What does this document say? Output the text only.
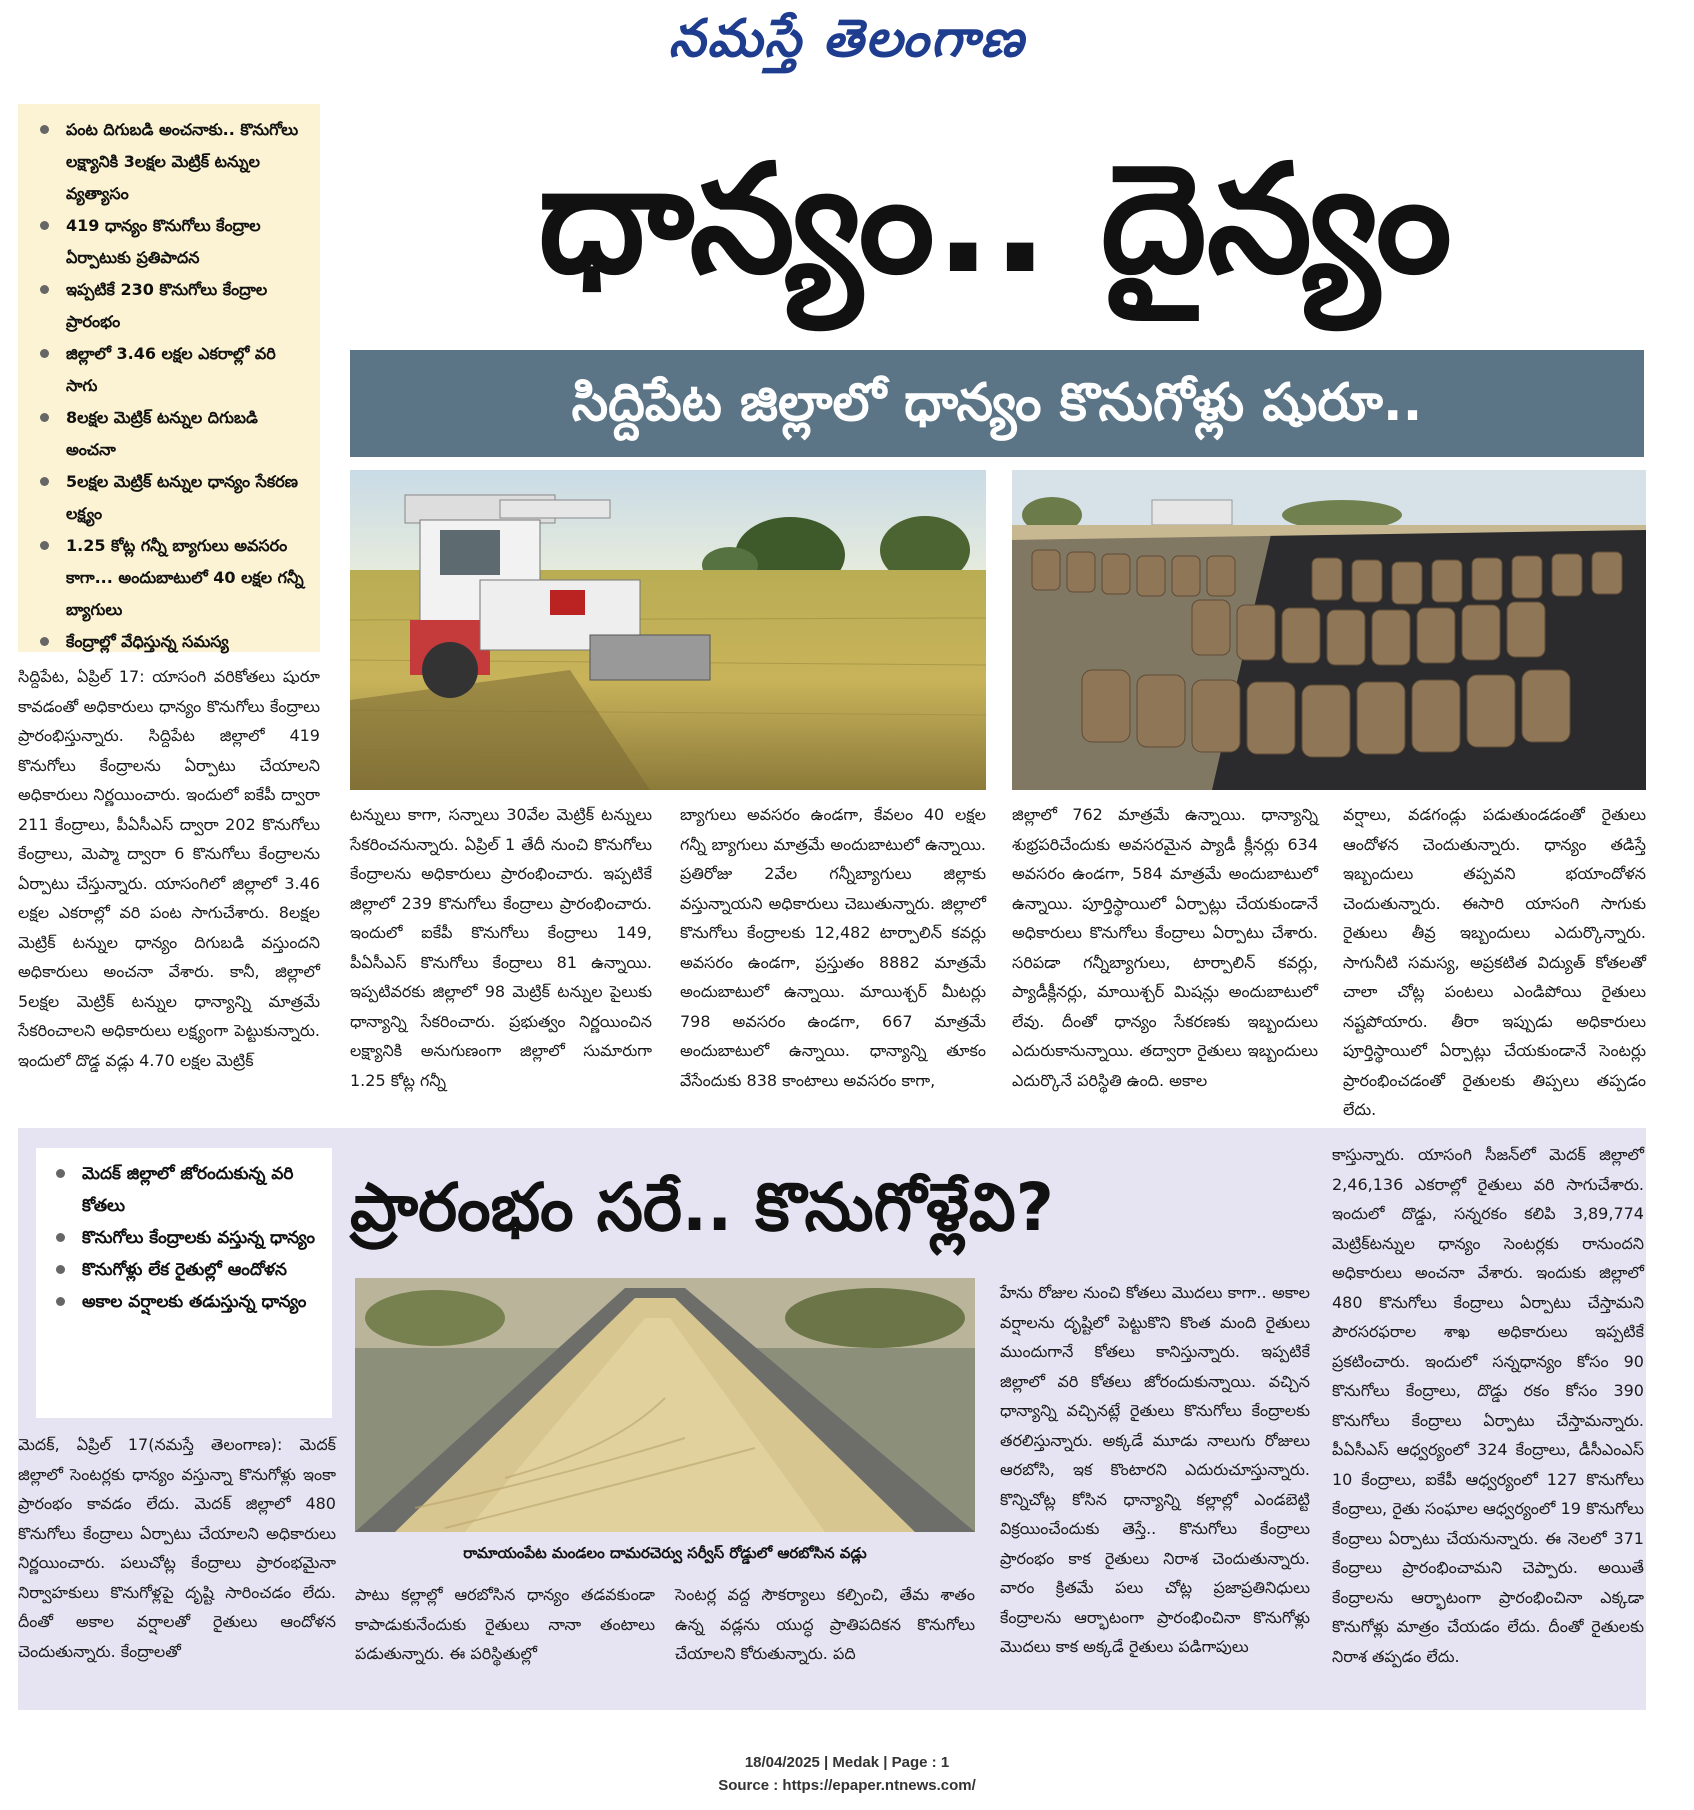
నమస్తే తెలంగాణ
పంట దిగుబడి అంచనాకు.. కొనుగోలు లక్ష్యానికి 3లక్షల మెట్రిక్ టన్నుల వ్యత్యాసం
419 ధాన్యం కొనుగోలు కేంద్రాల ఏర్పాటుకు ప్రతిపాదన
ఇప్పటికే 230 కొనుగోలు కేంద్రాల ప్రారంభం
జిల్లాలో 3.46 లక్షల ఎకరాల్లో వరి సాగు
8లక్షల మెట్రిక్ టన్నుల దిగుబడి అంచనా
5లక్షల మెట్రిక్ టన్నుల ధాన్యం సేకరణ లక్ష్యం
1.25 కోట్ల గన్నీ బ్యాగులు అవసరం కాగా... అందుబాటులో 40 లక్షల గన్నీ బ్యాగులు
కేంద్రాల్లో వేధిస్తున్న సమస్య
ధాన్యం.. దైన్యం
సిద్దిపేట జిల్లాలో ధాన్యం కొనుగోళ్లు షురూ..
సిద్దిపేట, ఏప్రిల్ 17: యాసంగి వరికోతలు షురూ కావడంతో అధికారులు ధాన్యం కొనుగోలు కేంద్రాలు ప్రారంభిస్తున్నారు. సిద్దిపేట జిల్లాలో 419 కొనుగోలు కేంద్రాలను ఏర్పాటు చేయాలని అధికారులు నిర్ణయించారు. ఇందులో ఐకేపీ ద్వారా 211 కేంద్రాలు, పీఏసీఎస్ ద్వారా 202 కొనుగోలు కేంద్రాలు, మెప్మా ద్వారా 6 కొనుగోలు కేంద్రాలను ఏర్పాటు చేస్తున్నారు. యాసంగిలో జిల్లాలో 3.46 లక్షల ఎకరాల్లో వరి పంట సాగుచేశారు. 8లక్షల మెట్రిక్ టన్నుల ధాన్యం దిగుబడి వస్తుందని అధికారులు అంచనా వేశారు. కానీ, జిల్లాలో 5లక్షల మెట్రిక్ టన్నుల ధాన్యాన్ని మాత్రమే సేకరించాలని అధికారులు లక్ష్యంగా పెట్టుకున్నారు. ఇందులో దొడ్డ వడ్లు 4.70 లక్షల మెట్రిక్
టన్నులు కాగా, సన్నాలు 30వేల మెట్రిక్ టన్నులు సేకరించనున్నారు. ఏప్రిల్ 1 తేదీ నుంచి కొనుగోలు కేంద్రాలను అధికారులు ప్రారంభించారు. ఇప్పటికే జిల్లాలో 239 కొనుగోలు కేంద్రాలు ప్రారంభించారు. ఇందులో ఐకేపీ కొనుగోలు కేంద్రాలు 149, పీఏసీఎస్ కొనుగోలు కేంద్రాలు 81 ఉన్నాయి. ఇప్పటివరకు జిల్లాలో 98 మెట్రిక్ టన్నుల పైలుకు ధాన్యాన్ని సేకరించారు. ప్రభుత్వం నిర్ణయించిన లక్ష్యానికి అనుగుణంగా జిల్లాలో సుమారుగా 1.25 కోట్ల గన్నీ
బ్యాగులు అవసరం ఉండగా, కేవలం 40 లక్షల గన్నీ బ్యాగులు మాత్రమే అందుబాటులో ఉన్నాయి. ప్రతిరోజు 2వేల గన్నీబ్యాగులు జిల్లాకు వస్తున్నాయని అధికారులు చెబుతున్నారు. జిల్లాలో కొనుగోలు కేంద్రాలకు 12,482 టార్పాలిన్ కవర్లు అవసరం ఉండగా, ప్రస్తుతం 8882 మాత్రమే అందుబాటులో ఉన్నాయి. మాయిశ్చర్ మీటర్లు 798 అవసరం ఉండగా, 667 మాత్రమే అందుబాటులో ఉన్నాయి. ధాన్యాన్ని తూకం వేసేందుకు 838 కాంటాలు అవసరం కాగా,
జిల్లాలో 762 మాత్రమే ఉన్నాయి. ధాన్యాన్ని శుభ్రపరిచేందుకు అవసరమైన ప్యాడీ క్లీనర్లు 634 అవసరం ఉండగా, 584 మాత్రమే అందుబాటులో ఉన్నాయి. పూర్తిస్థాయిలో ఏర్పాట్లు చేయకుండానే అధికారులు కొనుగోలు కేంద్రాలు ఏర్పాటు చేశారు. సరిపడా గన్నీబ్యాగులు, టార్పాలిన్ కవర్లు, ప్యాడీక్లీనర్లు, మాయిశ్చర్ మిషన్లు అందుబాటులో లేవు. దీంతో ధాన్యం సేకరణకు ఇబ్బందులు ఎదురుకానున్నాయి. తద్వారా రైతులు ఇబ్బందులు ఎదుర్కొనే పరిస్థితి ఉంది. అకాల
వర్షాలు, వడగండ్లు పడుతుండడంతో రైతులు ఆందోళన చెందుతున్నారు. ధాన్యం తడిస్తే ఇబ్బందులు తప్పవని భయాందోళన చెందుతున్నారు. ఈసారి యాసంగి సాగుకు రైతులు తీవ్ర ఇబ్బందులు ఎదుర్కొన్నారు. సాగునీటి సమస్య, అప్రకటిత విద్యుత్ కోతలతో చాలా చోట్ల పంటలు ఎండిపోయి రైతులు నష్టపోయారు. తీరా ఇప్పుడు అధికారులు పూర్తిస్థాయిలో ఏర్పాట్లు చేయకుండానే సెంటర్లు ప్రారంభించడంతో రైతులకు తిప్పలు తప్పడం లేదు.
మెదక్ జిల్లాలో జోరందుకున్న వరి కోతలు
కొనుగోలు కేంద్రాలకు వస్తున్న ధాన్యం
కొనుగోళ్లు లేక రైతుల్లో ఆందోళన
అకాల వర్షాలకు తడుస్తున్న ధాన్యం
ప్రారంభం సరే.. కొనుగోళ్లేవి?
రామాయంపేట మండలం దామరచెర్వు సర్వీస్ రోడ్డులో ఆరబోసిన వడ్లు
మెదక్, ఏప్రిల్ 17(నమస్తే తెలంగాణ): మెదక్ జిల్లాలో సెంటర్లకు ధాన్యం వస్తున్నా కొనుగోళ్లు ఇంకా ప్రారంభం కావడం లేదు. మెదక్ జిల్లాలో 480 కొనుగోలు కేంద్రాలు ఏర్పాటు చేయాలని అధికారులు నిర్ణయించారు. పలుచోట్ల కేంద్రాలు ప్రారంభమైనా నిర్వాహకులు కొనుగోళ్లపై దృష్టి సారించడం లేదు. దీంతో అకాల వర్షాలతో రైతులు ఆందోళన చెందుతున్నారు. కేంద్రాలతో
పాటు కల్లాల్లో ఆరబోసిన ధాన్యం తడవకుండా కాపాడుకునేందుకు రైతులు నానా తంటాలు పడుతున్నారు. ఈ పరిస్థితుల్లో
సెంటర్ల వద్ద సౌకర్యాలు కల్పించి, తేమ శాతం ఉన్న వడ్లను యుద్ధ ప్రాతిపదికన కొనుగోలు చేయాలని కోరుతున్నారు. పది
హేను రోజుల నుంచి కోతలు మొదలు కాగా.. అకాల వర్షాలను దృష్టిలో పెట్టుకొని కొంత మంది రైతులు ముందుగానే కోతలు కానిస్తున్నారు. ఇప్పటికే జిల్లాలో వరి కోతలు జోరందుకున్నాయి. వచ్చిన ధాన్యాన్ని వచ్చినట్లే రైతులు కొనుగోలు కేంద్రాలకు తరలిస్తున్నారు. అక్కడే మూడు నాలుగు రోజులు ఆరబోసి, ఇక కొంటారని ఎదురుచూస్తున్నారు. కొన్నిచోట్ల కోసిన ధాన్యాన్ని కల్లాల్లో ఎండబెట్టి విక్రయించేందుకు తెస్తే.. కొనుగోలు కేంద్రాలు ప్రారంభం కాక రైతులు నిరాశ చెందుతున్నారు. వారం క్రితమే పలు చోట్ల ప్రజాప్రతినిధులు కేంద్రాలను ఆర్భాటంగా ప్రారంభించినా కొనుగోళ్లు మొదలు కాక అక్కడే రైతులు పడిగాపులు
కాస్తున్నారు. యాసంగి సీజన్‌లో మెదక్ జిల్లాలో 2,46,136 ఎకరాల్లో రైతులు వరి సాగుచేశారు. ఇందులో దొడ్డు, సన్నరకం కలిపి 3,89,774 మెట్రిక్‌టన్నుల ధాన్యం సెంటర్లకు రానుందని అధికారులు అంచనా వేశారు. ఇందుకు జిల్లాలో 480 కొనుగోలు కేంద్రాలు ఏర్పాటు చేస్తామని పౌరసరఫరాల శాఖ అధికారులు ఇప్పటికే ప్రకటించారు. ఇందులో సన్నధాన్యం కోసం 90 కొనుగోలు కేంద్రాలు, దొడ్డు రకం కోసం 390 కొనుగోలు కేంద్రాలు ఏర్పాటు చేస్తామన్నారు. పీఏసీఎస్ ఆధ్వర్యంలో 324 కేంద్రాలు, డీసీఎంఎస్ 10 కేంద్రాలు, ఐకేపీ ఆధ్వర్యంలో 127 కొనుగోలు కేంద్రాలు, రైతు సంఘాల ఆధ్వర్యంలో 19 కొనుగోలు కేంద్రాలు ఏర్పాటు చేయనున్నారు. ఈ నెలలో 371 కేంద్రాలు ప్రారంభించామని చెప్పారు. అయితే కేంద్రాలను ఆర్భాటంగా ప్రారంభించినా ఎక్కడా కొనుగోళ్లు మాత్రం చేయడం లేదు. దీంతో రైతులకు నిరాశ తప్పడం లేదు.
18/04/2025 | Medak | Page : 1
Source : https://epaper.ntnews.com/
